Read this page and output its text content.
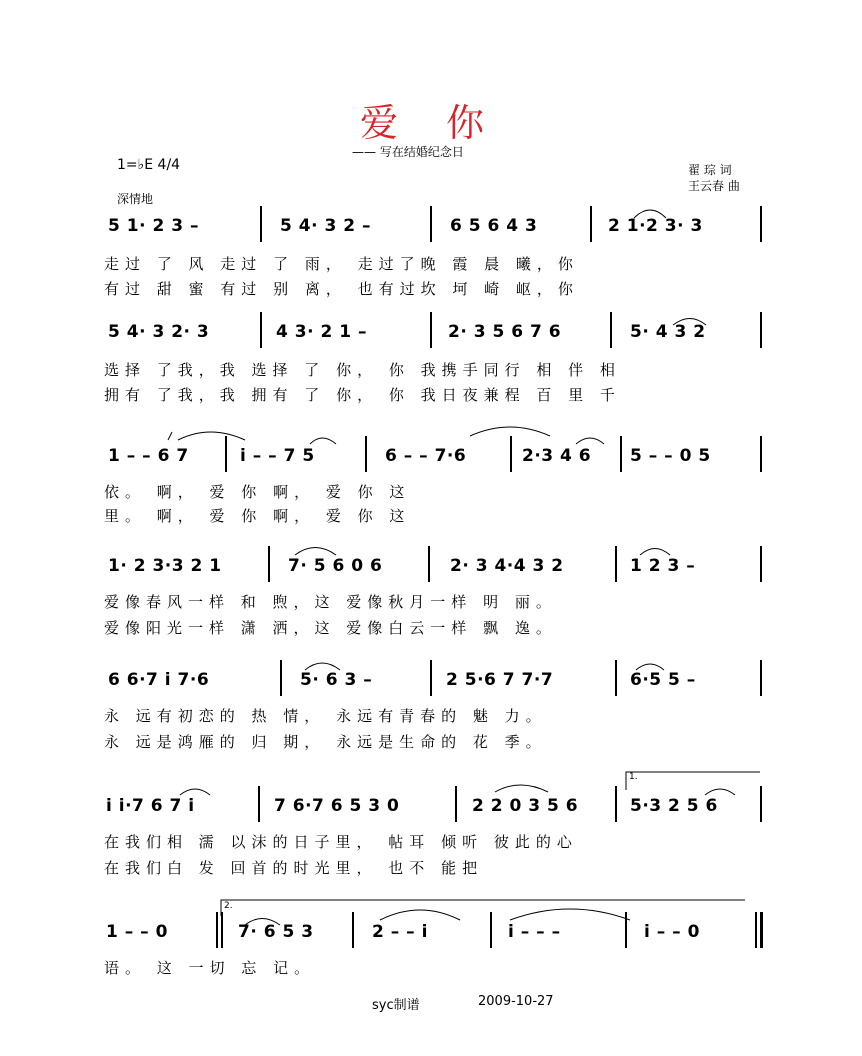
爱 你
—— 写在结婚纪念日
1=♭E 4/4
深情地
翟 琮 词
王云春 曲
5 1· 2 3 –	5 4· 3 2 –	6 5 6 4 3	2 1·2 3· 3
走过 了 风 走过 了 雨， 走过了晚 霞 晨 曦，你
有过 甜 蜜 有过 别 离， 也有过坎 坷 崎 岖，你
5 4· 3 2· 3	4 3· 2 1 –	2· 3 5 6 7 6	5· 4 3 2
选择 了我，我 选择 了 你， 你 我携手同行 相 伴 相
拥有 了我，我 拥有 了 你， 你 我日夜兼程 百 里 千
1 – – 6 7	i – – 7 5	6 – – 7·6	2·3 4 6 5 – – 0 5
依。 啊， 爱 你 啊， 爱 你 这
里。 啊， 爱 你 啊， 爱 你 这
1· 2 3·3 2 1	7· 5 6 0 6	2· 3 4·4 3 2	1 2 3 –
爱像春风一样 和 煦，这 爱像秋月一样 明 丽。
爱像阳光一样 潇 洒，这 爱像白云一样 飘 逸。
6 6·7 i 7·6	5· 6 3 –	2 5·6 7 7·7	6·5 5 –
永 远有初恋的 热 情， 永远有青春的 魅 力。
永 远是鸿雁的 归 期， 永远是生命的 花 季。
i i·7 6 7 i	7 6·7 6 5 3 0	2 2 0 3 5 6	5·3 2 5 6
在我们相 濡 以沫的日子里， 帖耳 倾听 彼此的心
在我们白 发 回首的时光里， 也不 能把
1.
1 – – 0	7· 6 5 3	2 – – i	i – – –	i – – 0
语。 这 一切 忘 记。
2.
syc制谱	2009-10-27
